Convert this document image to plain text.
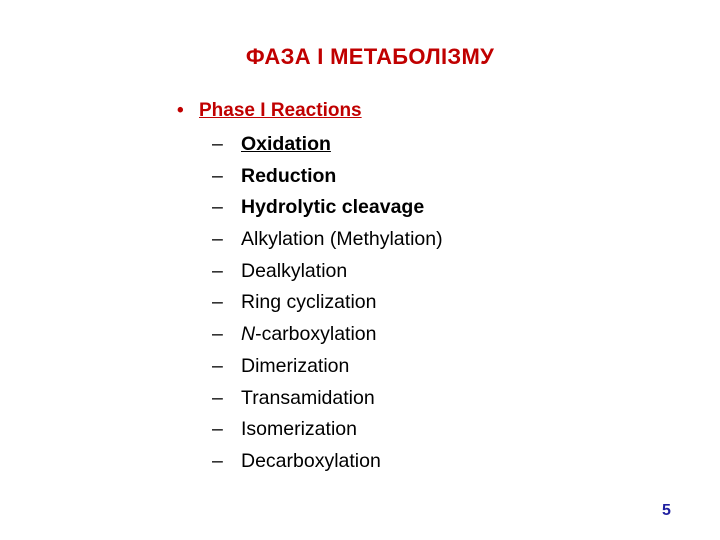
ФАЗА І МЕТАБОЛІЗМУ
• Phase I Reactions
– Oxidation
– Reduction
– Hydrolytic cleavage
– Alkylation (Methylation)
– Dealkylation
– Ring cyclization
– N-carboxylation
– Dimerization
– Transamidation
– Isomerization
– Decarboxylation
5
